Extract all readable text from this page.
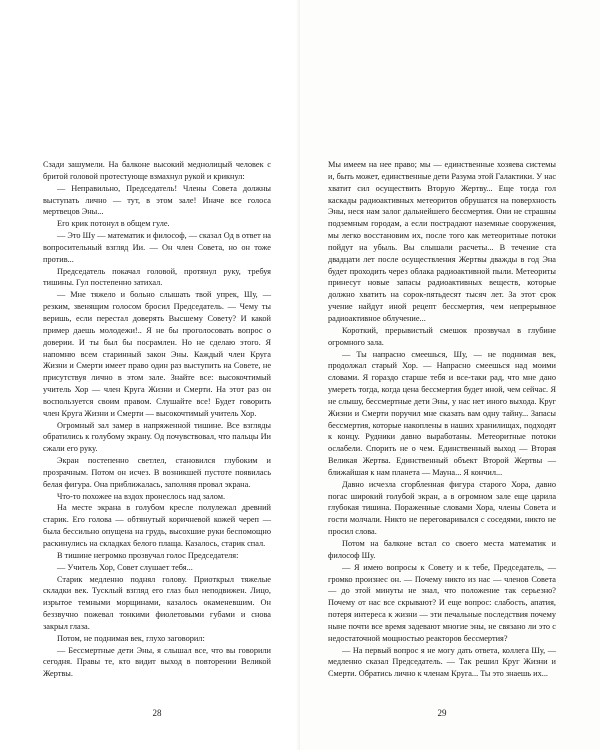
Сзади зашумели. На балконе высокий меднолицый человек с бритой головой протестующе взмахнул рукой и крикнул:

— Неправильно, Председатель! Члены Совета должны выступать лично — тут, в этом зале! Иначе все голоса мертвецов Эны...

Его крик потонул в общем гуле.

— Это Шу — математик и философ, — сказал Од в ответ на вопросительный взгляд Ии. — Он член Совета, но он тоже против...

Председатель покачал головой, протянул руку, требуя тишины. Гул постепенно затихал.

— Мне тяжело и больно слышать твой упрек, Шу, — резким, звенящим голосом бросил Председатель. — Чему ты веришь, если перестал доверять Высшему Совету? И какой пример даешь молодежи!.. Я не бы проголосовать вопрос о доверии. И ты был бы посрамлен. Но не сделаю этого. Я напомню всем старинный закон Эны. Каждый член Круга Жизни и Смерти имеет право один раз выступить на Совете, не присутствуя лично в этом зале. Знайте все: высокочтимый учитель Хор — член Круга Жизни и Смерти. На этот раз он воспользуется своим правом. Слушайте все! Будет говорить член Круга Жизни и Смерти — высокочтимый учитель Хор.

Огромный зал замер в напряженной тишине. Все взгляды обратились к голубому экрану. Од почувствовал, что пальцы Ии сжали его руку.

Экран постепенно светлел, становился глубоким и прозрачным. Потом он исчез. В возникшей пустоте появилась белая фигура. Она приближалась, заполняя провал экрана.

Что-то похожее на вздох пронеслось над залом.

На месте экрана в голубом кресле полулежал древний старик. Его голова — обтянутый коричневой кожей череп — была бессильно опущена на грудь, высохшие руки беспомощно раскинулись на складках белого плаща. Казалось, старик спал.

В тишине негромко прозвучал голос Председателя:

— Учитель Хор, Совет слушает тебя...

Старик медленно поднял голову. Приоткрыл тяжелые складки век. Тусклый взгляд его глаз был неподвижен. Лицо, изрытое темными морщинами, казалось окаменевшим. Он беззвучно пожевал тонкими фиолетовыми губами и снова закрыл глаза.

Потом, не поднимая век, глухо заговорил:

— Бессмертные дети Эны, я слышал все, что вы говорили сегодня. Правы те, кто видит выход в повторении Великой Жертвы.

28

Мы имеем на нее право; мы — единственные хозяева системы и, быть может, единственные дети Разума этой Галактики. У нас хватит сил осуществить Вторую Жертву... Еще тогда гол каскады радиоактивных метеоритов обрушатся на поверхность Эны, неся нам залог дальнейшего бессмертия. Они не страшны подземным городам, а если пострадают наземные сооружения, мы легко восстановим их, после того как метеоритные потоки пойдут на убыль. Вы слышали расчеты... В течение ста двадцати лет после осуществления Жертвы дважды в год Эна будет проходить через облака радиоактивной пыли. Метеориты принесут новые запасы радиоактивных веществ, которые должно хватить на сорок-пятьдесят тысяч лет. За этот срок учение найдут иной рецепт бессмертия, чем непрерывное радиоактивное облучение...

Короткий, прерывистый смешок прозвучал в глубине огромного зала.

— Ты напрасно смеешься, Шу, — не поднимая век, продолжал старый Хор. — Напрасно смеешься над моими словами. Я гораздо старше тебя и все-таки рад, что мне дано умереть тогда, когда цена бессмертия будет иной, чем сейчас. Я не слышу, бессмертные дети Эны, у нас нет иного выхода. Круг Жизни и Смерти поручил мне сказать вам одну тайну... Запасы бессмертия, которые накоплены в наших хранилищах, подходят к концу. Рудники давно выработаны. Метеоритные потоки ослабели. Спорить не о чем. Единственный выход — Вторая Великая Жертва. Единственный объект Второй Жертвы — ближайшая к нам планета — Мауна... Я кончил...

Давно исчезла сгорбленная фигура старого Хора, давно погас широкий голубой экран, а в огромном зале еще царила глубокая тишина. Пораженные словами Хора, члены Совета и гости молчали. Никто не переговаривался с соседями, никто не просил слова.

Потом на балконе встал со своего места математик и философ Шу.

— Я имею вопросы к Совету и к тебе, Председатель, — громко произнес он. — Почему никто из нас — членов Совета — до этой минуты не знал, что положение так серьезно? Почему от нас все скрывают? И еще вопрос: слабость, апатия, потеря интереса к жизни — эти печальные последствия почему ныне почти все время задевают многие эны, не связано ли это с недостаточной мощностью реакторов бессмертия?

— На первый вопрос я не могу дать ответа, коллега Шу, — медленно сказал Председатель. — Так решил Круг Жизни и Смерти. Обратись лично к членам Круга... Ты это знаешь их...

29
